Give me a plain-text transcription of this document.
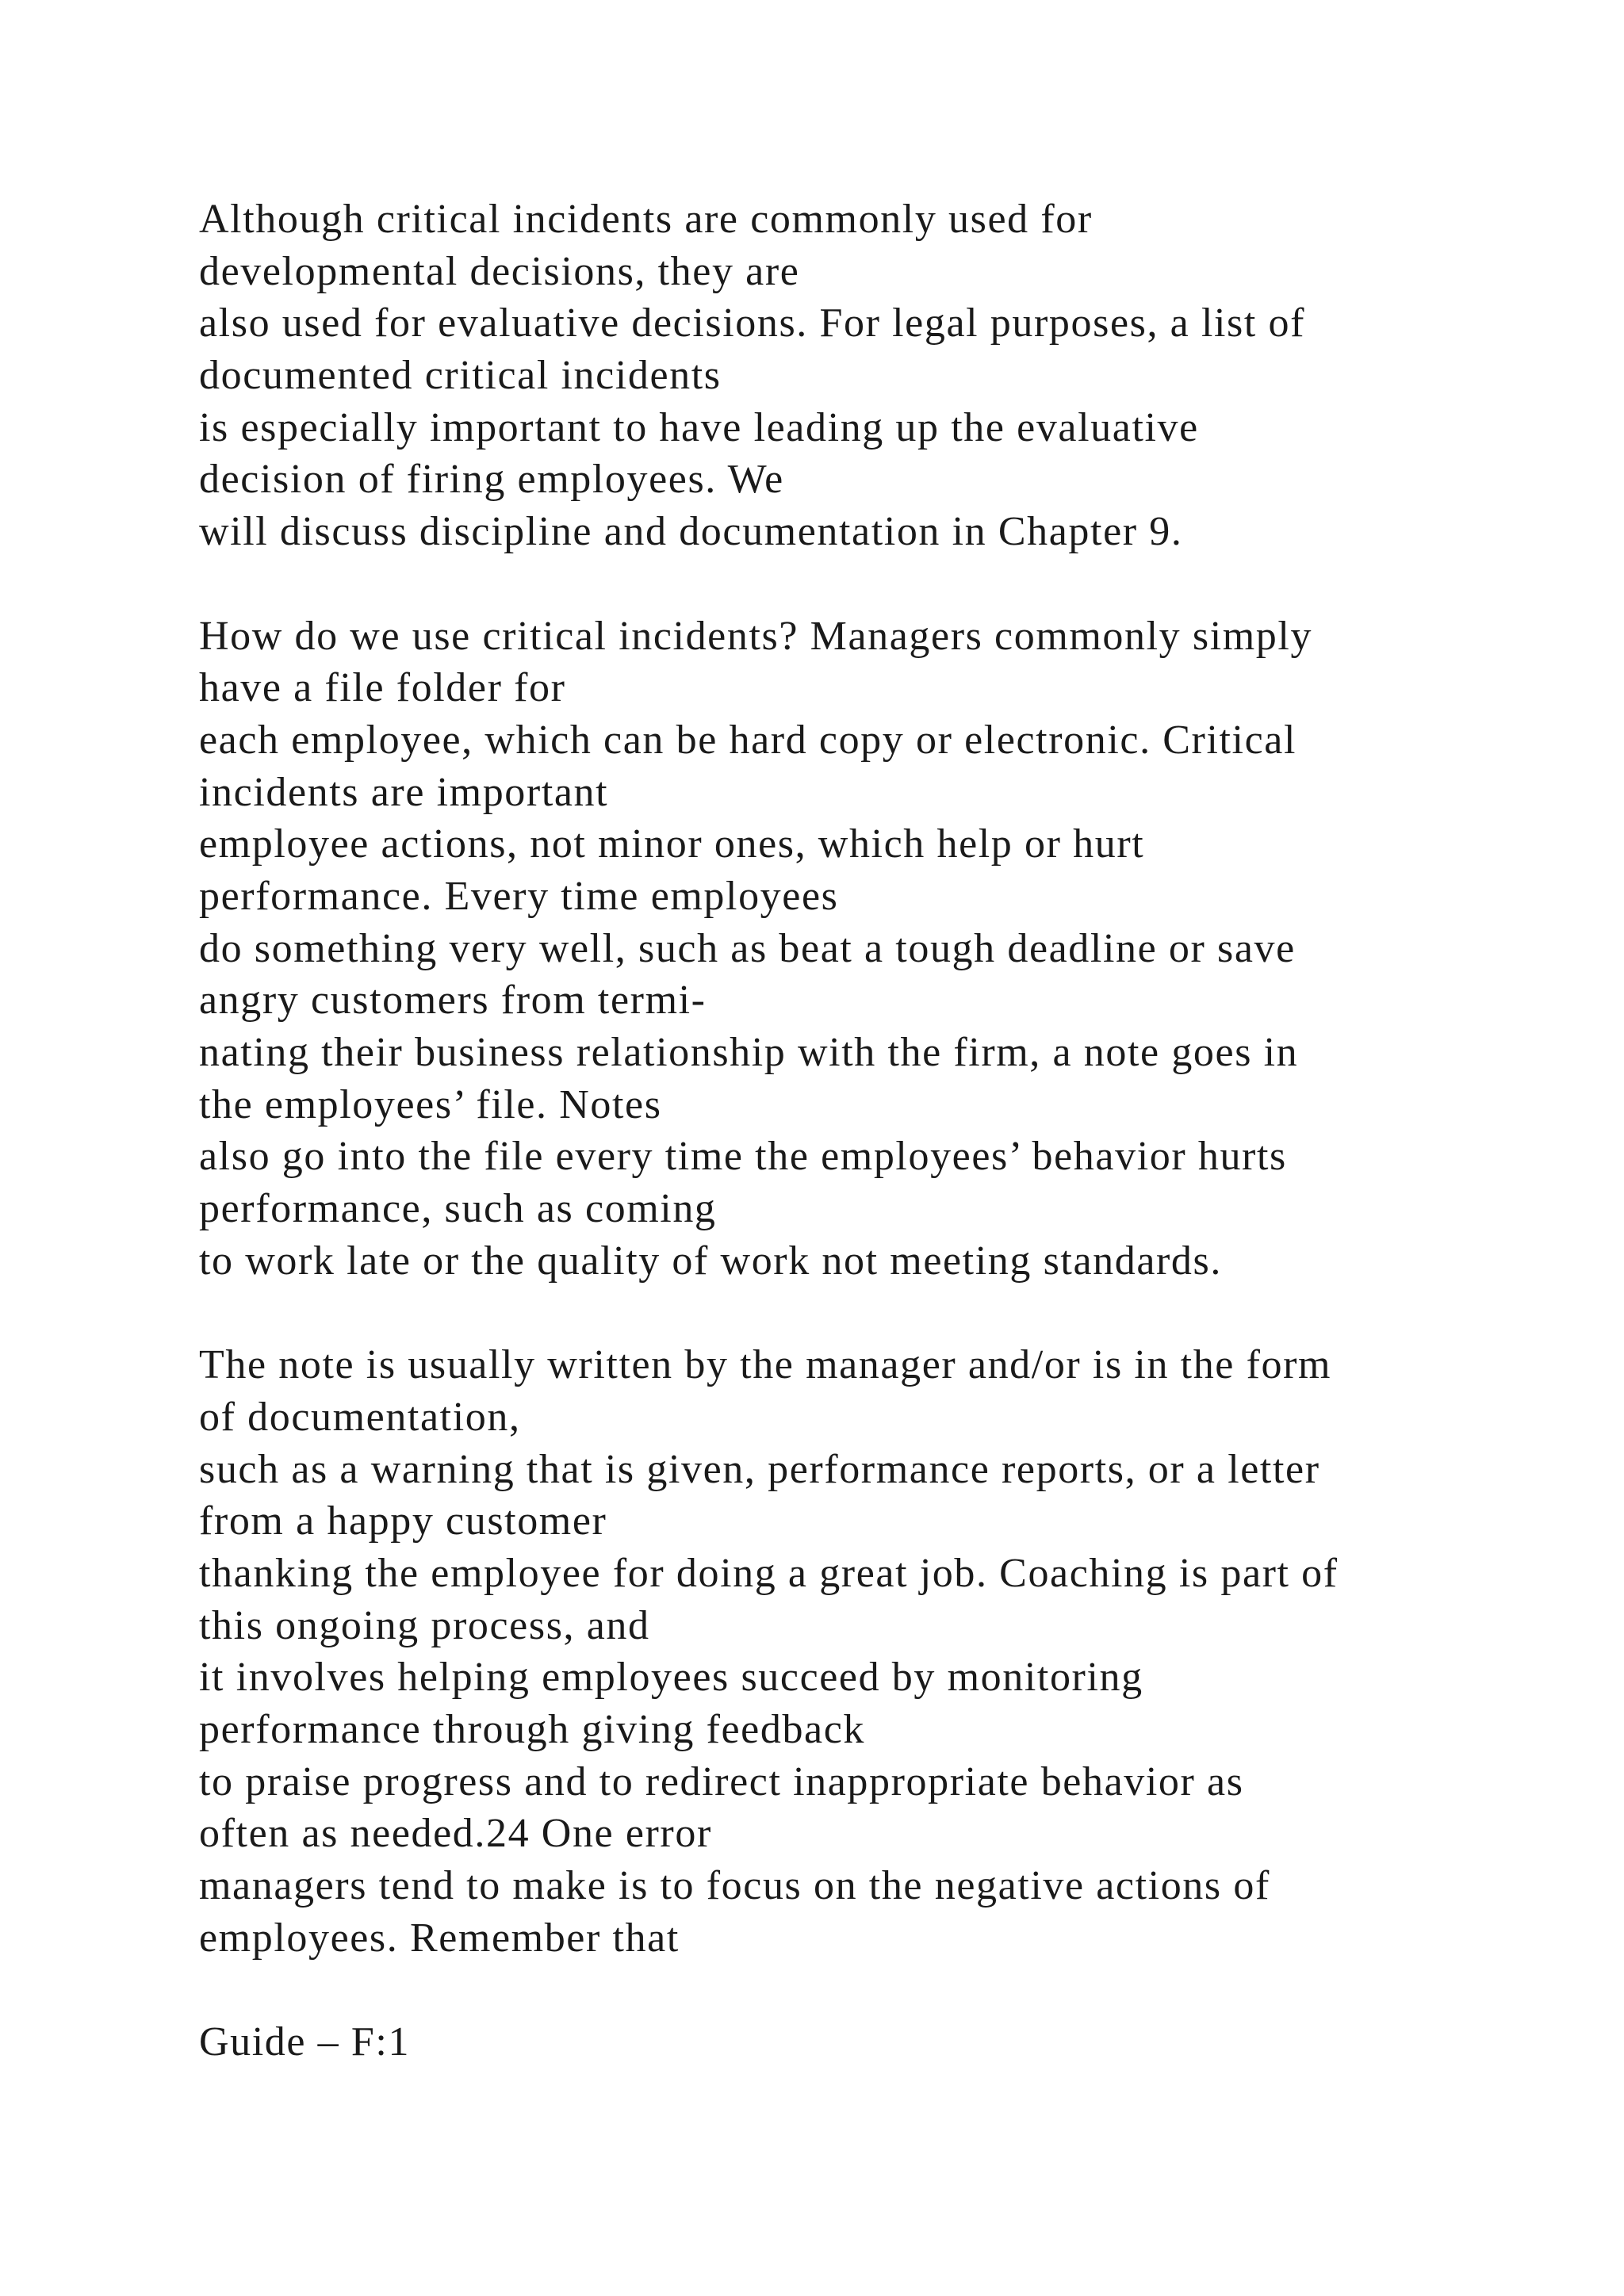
Although critical incidents are commonly used for
developmental decisions, they are
also used for evaluative decisions. For legal purposes, a list of
documented critical incidents
is especially important to have leading up the evaluative
decision of firing employees. We
will discuss discipline and documentation in Chapter 9.
How do we use critical incidents? Managers commonly simply
have a file folder for
each employee, which can be hard copy or electronic. Critical
incidents are important
employee actions, not minor ones, which help or hurt
performance. Every time employees
do something very well, such as beat a tough deadline or save
angry customers from termi-
nating their business relationship with the firm, a note goes in
the employees’ file. Notes
also go into the file every time the employees’ behavior hurts
performance, such as coming
to work late or the quality of work not meeting standards.
The note is usually written by the manager and/or is in the form
of documentation,
such as a warning that is given, performance reports, or a letter
from a happy customer
thanking the employee for doing a great job. Coaching is part of
this ongoing process, and
it involves helping employees succeed by monitoring
performance through giving feedback
to praise progress and to redirect inappropriate behavior as
often as needed.24 One error
managers tend to make is to focus on the negative actions of
employees. Remember that
Guide – F:1
